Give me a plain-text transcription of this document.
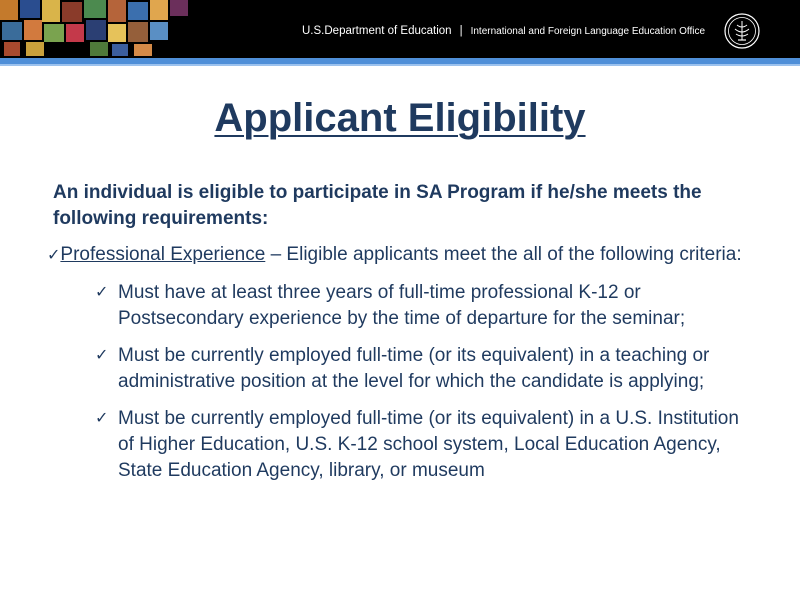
U.S.Department of Education | International and Foreign Language Education Office
Applicant Eligibility

An individual is eligible to participate in SA Program if he/she meets the following requirements:

✓Professional Experience – Eligible applicants meet the all of the following criteria:

✓ Must have at least three years of full-time professional K-12 or Postsecondary experience by the time of departure for the seminar;
✓ Must be currently employed full-time (or its equivalent) in a teaching or administrative position at the level for which the candidate is applying;
✓ Must be currently employed full-time (or its equivalent) in a U.S. Institution of Higher Education, U.S. K-12 school system, Local Education Agency, State Education Agency, library, or museum
